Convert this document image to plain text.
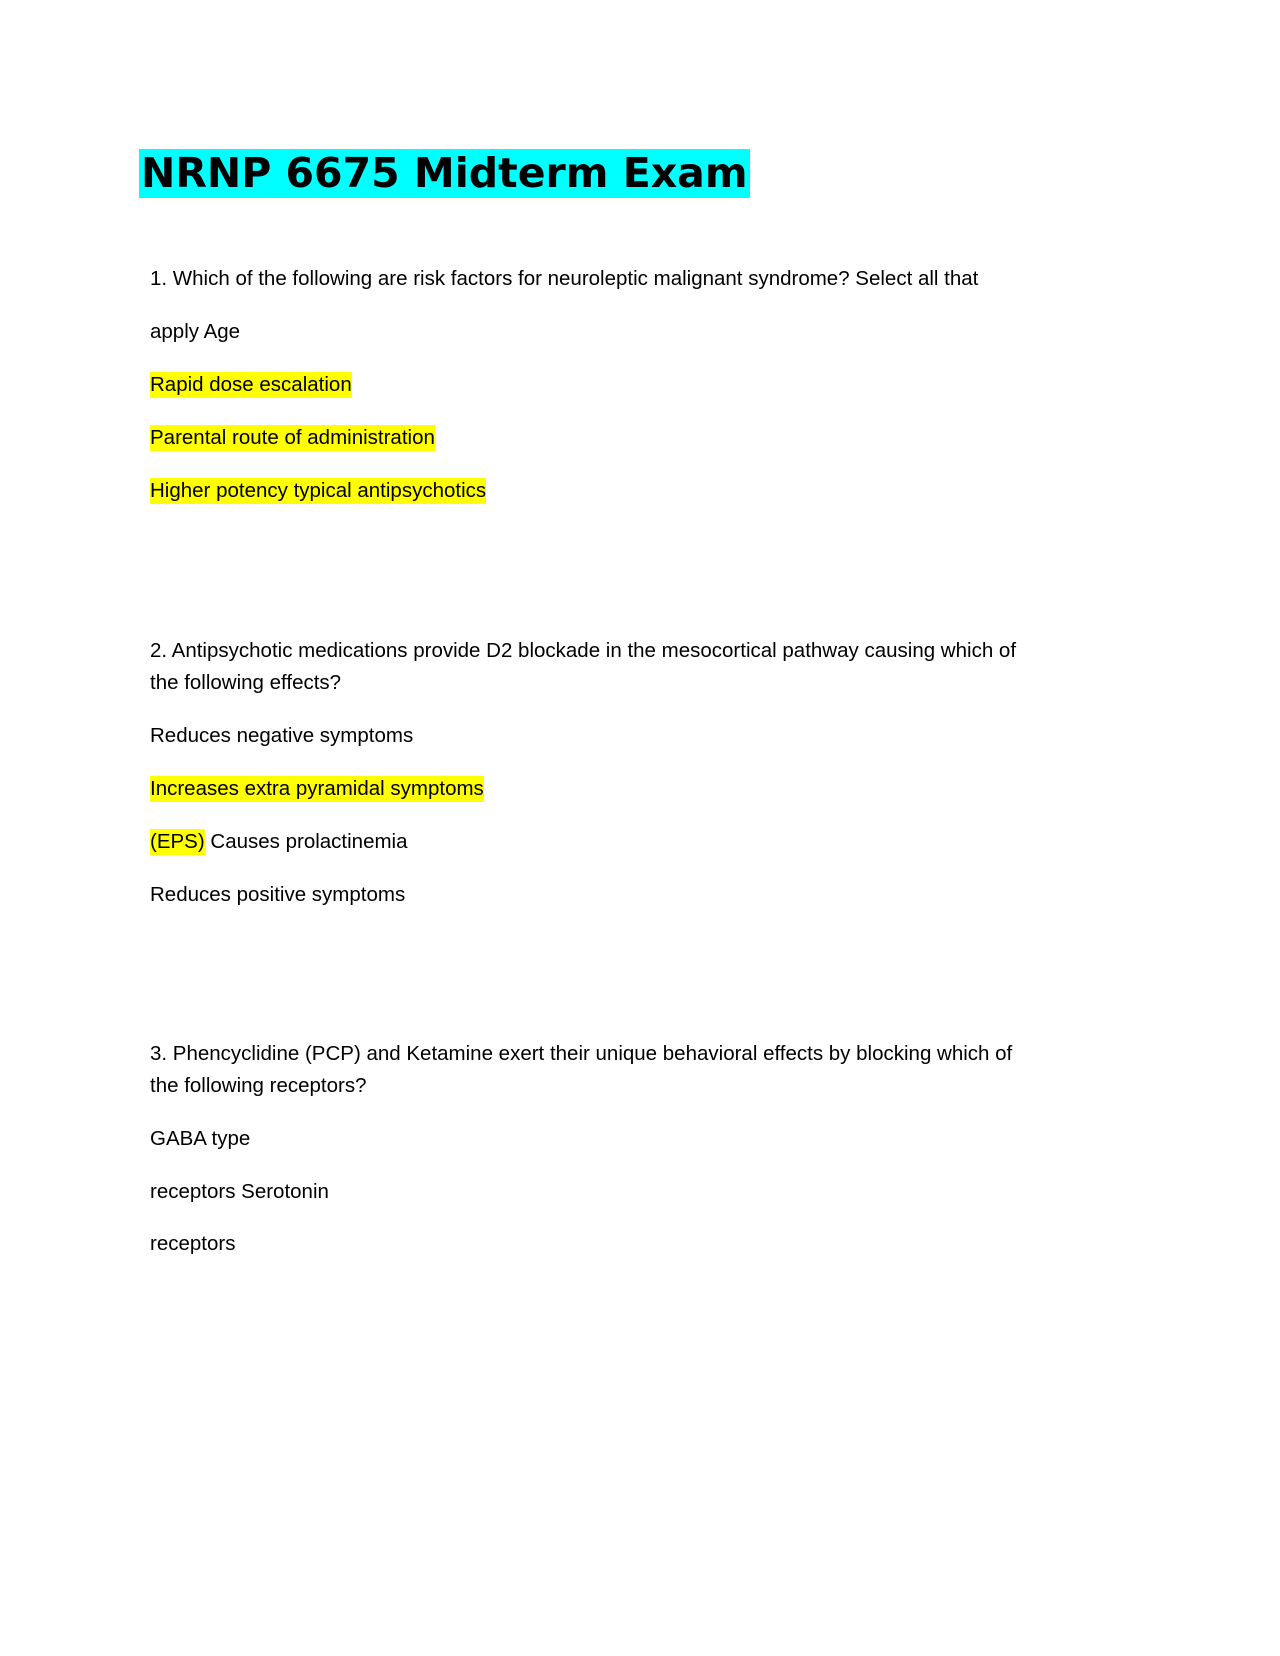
NRNP 6675 Midterm Exam
1. Which of the following are risk factors for neuroleptic malignant syndrome? Select all that
apply Age
Rapid dose escalation
Parental route of administration
Higher potency typical antipsychotics
2. Antipsychotic medications provide D2 blockade in the mesocortical pathway causing which of
the following effects?
Reduces negative symptoms
Increases extra pyramidal symptoms
(EPS) Causes prolactinemia
Reduces positive symptoms
3. Phencyclidine (PCP) and Ketamine exert their unique behavioral effects by blocking which of
the following receptors?
GABA type
receptors Serotonin
receptors
